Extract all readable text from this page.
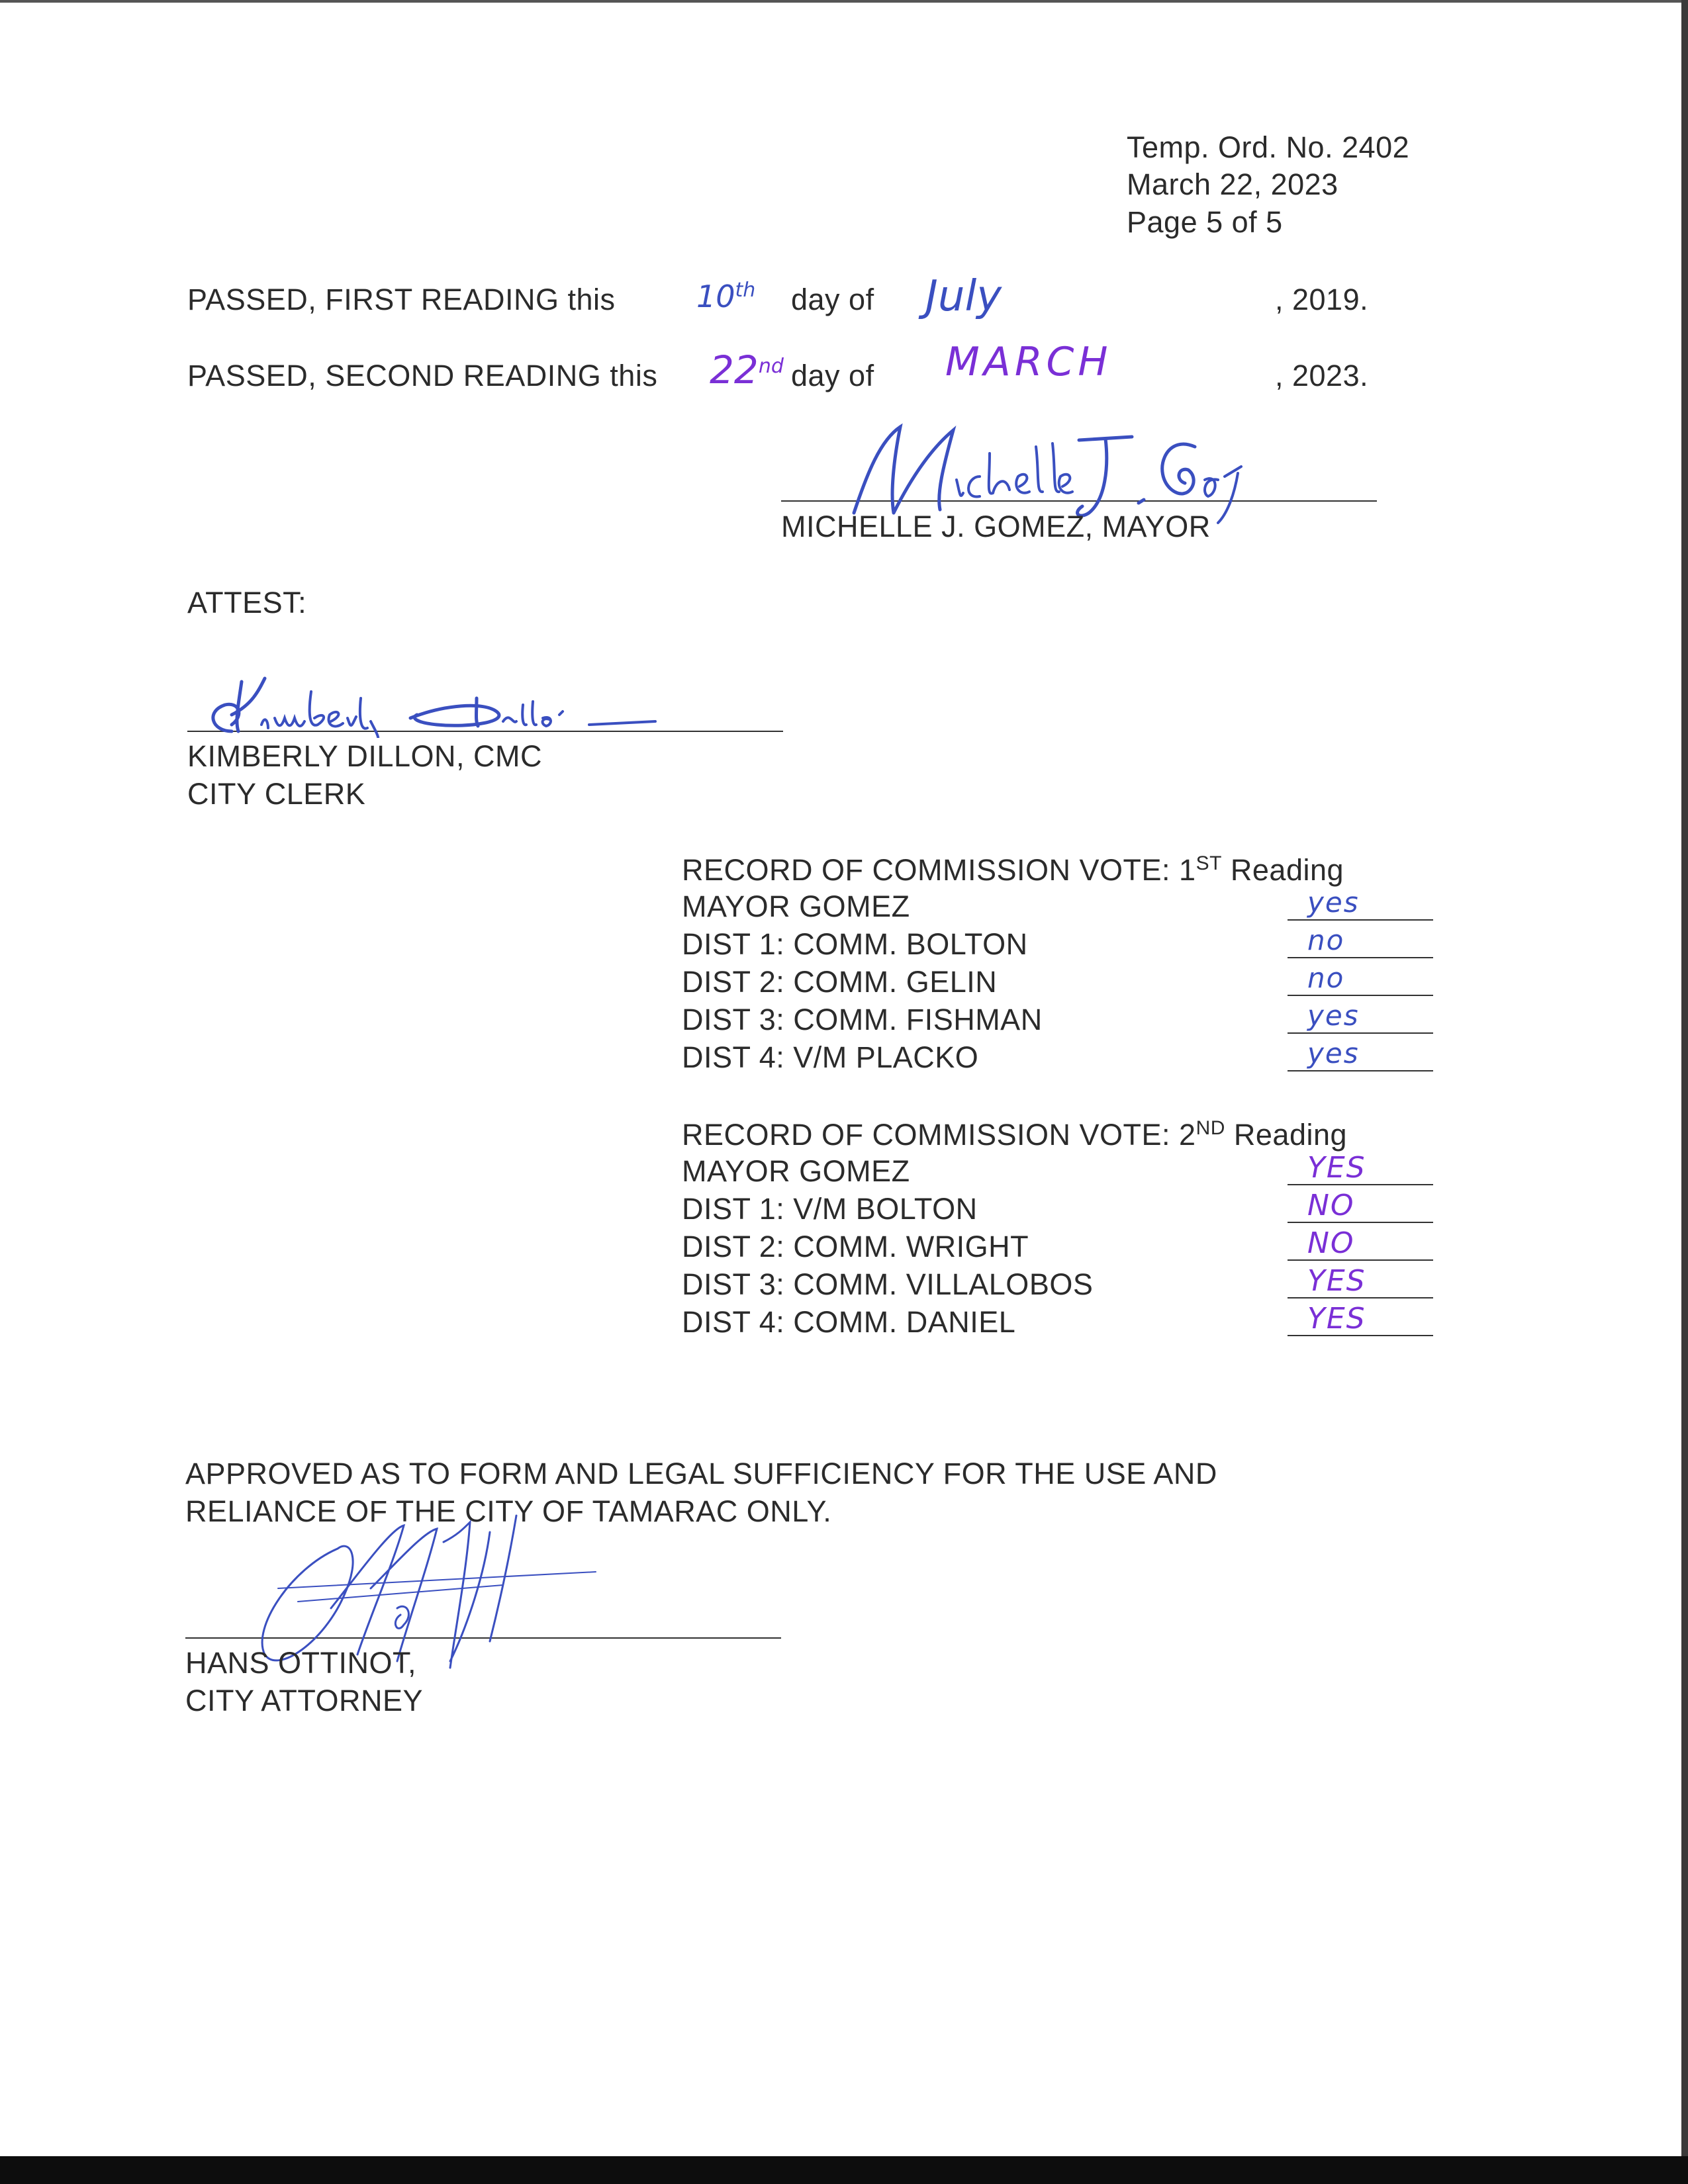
Temp. Ord. No. 2402
March 22, 2023
Page 5 of 5
PASSED, FIRST READING this	10th day of July	, 2019.
PASSED, SECOND READING this 22nd day of MARCH	, 2023.
MICHELLE J. GOMEZ, MAYOR
ATTEST:
KIMBERLY DILLON, CMC
CITY CLERK
RECORD OF COMMISSION VOTE: 1ST Reading
MAYOR GOMEZ	yes
DIST 1: COMM. BOLTON	no
DIST 2: COMM. GELIN	no
DIST 3: COMM. FISHMAN	yes
DIST 4: V/M PLACKO	yes
RECORD OF COMMISSION VOTE: 2ND Reading
MAYOR GOMEZ	YES
DIST 1: V/M BOLTON	NO
DIST 2: COMM. WRIGHT	NO
DIST 3: COMM. VILLALOBOS	YES
DIST 4: COMM. DANIEL	YES
APPROVED AS TO FORM AND LEGAL SUFFICIENCY FOR THE USE AND
RELIANCE OF THE CITY OF TAMARAC ONLY.
HANS OTTINOT,
CITY ATTORNEY
